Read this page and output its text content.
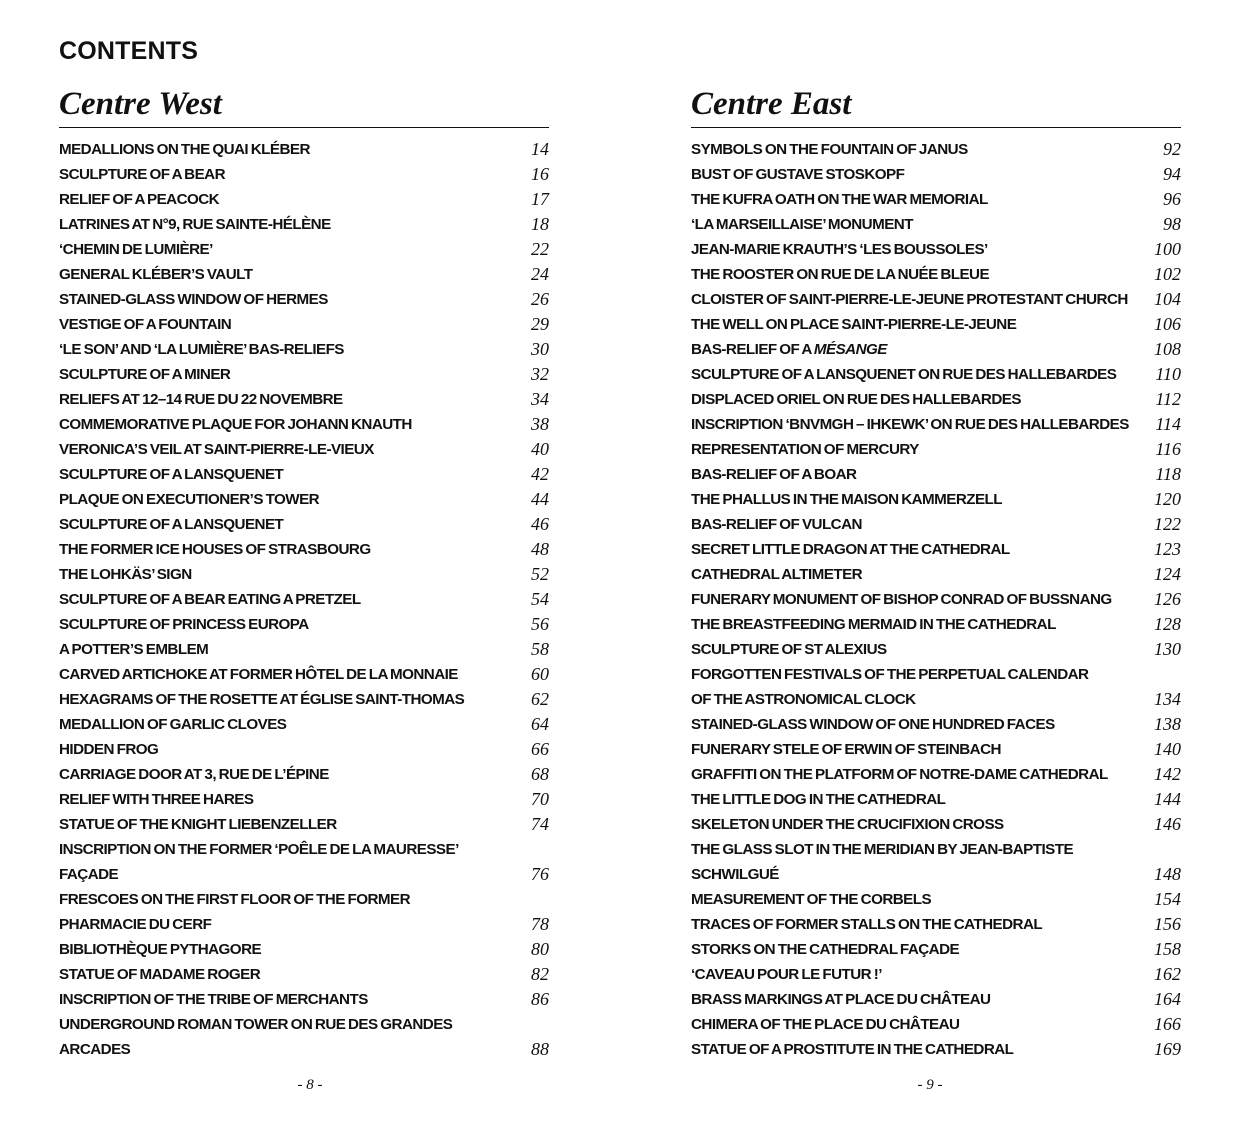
CONTENTS
Centre West
MEDALLIONS ON THE QUAI KLÉBER	14
SCULPTURE OF A BEAR	16
RELIEF OF A PEACOCK	17
LATRINES AT N°9, RUE SAINTE-HÉLÈNE	18
‘CHEMIN DE LUMIÈRE’	22
GENERAL KLÉBER’S VAULT	24
STAINED-GLASS WINDOW OF HERMES	26
VESTIGE OF A FOUNTAIN	29
‘LE SON’ AND ‘LA LUMIÈRE’ BAS-RELIEFS	30
SCULPTURE OF A MINER	32
RELIEFS AT 12–14 RUE DU 22 NOVEMBRE	34
COMMEMORATIVE PLAQUE FOR JOHANN KNAUTH	38
VERONICA’S VEIL AT SAINT-PIERRE-LE-VIEUX	40
SCULPTURE OF A LANSQUENET	42
PLAQUE ON EXECUTIONER’S TOWER	44
SCULPTURE OF A LANSQUENET	46
THE FORMER ICE HOUSES OF STRASBOURG	48
THE LOHKÄS’ SIGN	52
SCULPTURE OF A BEAR EATING A PRETZEL	54
SCULPTURE OF PRINCESS EUROPA	56
A POTTER’S EMBLEM	58
CARVED ARTICHOKE AT FORMER HÔTEL DE LA MONNAIE	60
HEXAGRAMS OF THE ROSETTE AT ÉGLISE SAINT-THOMAS	62
MEDALLION OF GARLIC CLOVES	64
HIDDEN FROG	66
CARRIAGE DOOR AT 3, RUE DE L’ÉPINE	68
RELIEF WITH THREE HARES	70
STATUE OF THE KNIGHT LIEBENZELLER	74
INSCRIPTION ON THE FORMER ‘POÊLE DE LA MAURESSE’
FAÇADE	76
FRESCOES ON THE FIRST FLOOR OF THE FORMER
PHARMACIE DU CERF	78
BIBLIOTHÈQUE PYTHAGORE	80
STATUE OF MADAME ROGER	82
INSCRIPTION OF THE TRIBE OF MERCHANTS	86
UNDERGROUND ROMAN TOWER ON RUE DES GRANDES
ARCADES	88
Centre East
SYMBOLS ON THE FOUNTAIN OF JANUS	92
BUST OF GUSTAVE STOSKOPF	94
THE KUFRA OATH ON THE WAR MEMORIAL	96
‘LA MARSEILLAISE’ MONUMENT	98
JEAN-MARIE KRAUTH’S ‘LES BOUSSOLES’	100
THE ROOSTER ON RUE DE LA NUÉE BLEUE	102
CLOISTER OF SAINT-PIERRE-LE-JEUNE PROTESTANT CHURCH	104
THE WELL ON PLACE SAINT-PIERRE-LE-JEUNE	106
BAS-RELIEF OF A MÉSANGE	108
SCULPTURE OF A LANSQUENET ON RUE DES HALLEBARDES	110
DISPLACED ORIEL ON RUE DES HALLEBARDES	112
INSCRIPTION ‘BNVMGH – IHKEWK’ ON RUE DES HALLEBARDES	114
REPRESENTATION OF MERCURY	116
BAS-RELIEF OF A BOAR	118
THE PHALLUS IN THE MAISON KAMMERZELL	120
BAS-RELIEF OF VULCAN	122
SECRET LITTLE DRAGON AT THE CATHEDRAL	123
CATHEDRAL ALTIMETER	124
FUNERARY MONUMENT OF BISHOP CONRAD OF BUSSNANG	126
THE BREASTFEEDING MERMAID IN THE CATHEDRAL	128
SCULPTURE OF ST ALEXIUS	130
FORGOTTEN FESTIVALS OF THE PERPETUAL CALENDAR
OF THE ASTRONOMICAL CLOCK	134
STAINED-GLASS WINDOW OF ONE HUNDRED FACES	138
FUNERARY STELE OF ERWIN OF STEINBACH	140
GRAFFITI ON THE PLATFORM OF NOTRE-DAME CATHEDRAL	142
THE LITTLE DOG IN THE CATHEDRAL	144
SKELETON UNDER THE CRUCIFIXION CROSS	146
THE GLASS SLOT IN THE MERIDIAN BY JEAN-BAPTISTE
SCHWILGUÉ	148
MEASUREMENT OF THE CORBELS	154
TRACES OF FORMER STALLS ON THE CATHEDRAL	156
STORKS ON THE CATHEDRAL FAÇADE	158
‘CAVEAU POUR LE FUTUR !’	162
BRASS MARKINGS AT PLACE DU CHÂTEAU	164
CHIMERA OF THE PLACE DU CHÂTEAU	166
STATUE OF A PROSTITUTE IN THE CATHEDRAL	169
- 8 -	- 9 -
